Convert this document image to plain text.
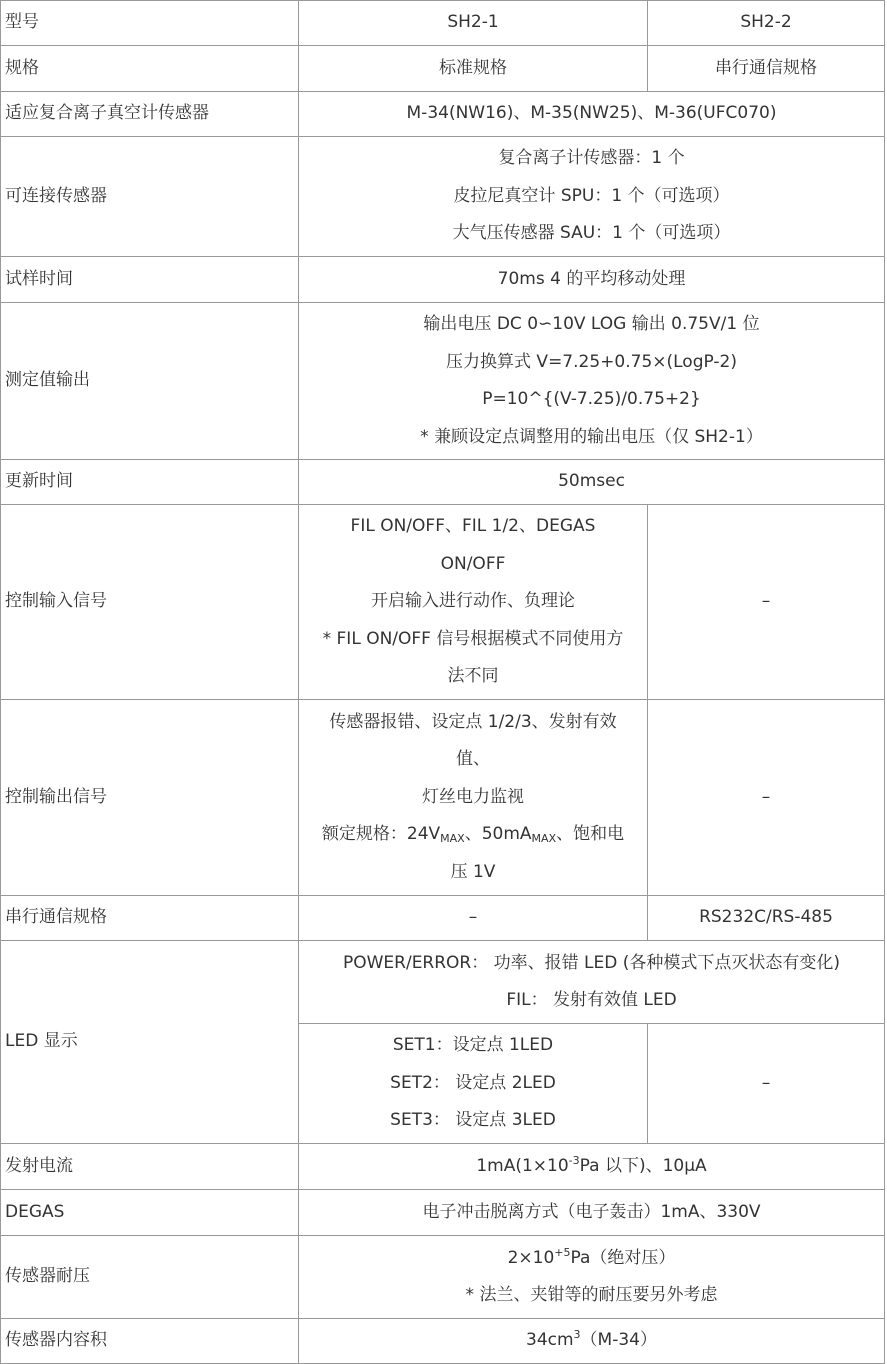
型号	SH2-1	SH2-2
规格	标准规格	串行通信规格
适应复合离子真空计传感器	M-34(NW16)、M-35(NW25)、M-36(UFC070)	
可连接传感器	复合离子计传感器：1 个
皮拉尼真空计 SPU：1 个（可选项）
大气压传感器 SAU：1 个（可选项）	

试样时间	70ms 4 的平均移动处理	
测定值输出	输出电压 DC 0∽10V LOG 输出 0.75V/1 位
压力换算式 V=7.25+0.75×(LogP-2)
P=10^{(V-7.25)/0.75+2}
* 兼顾设定点调整用的输出电压（仅 SH2-1）	

更新时间	50msec	
控制输入信号	FIL ON/OFF、FIL 1/2、DEGAS
ON/OFF
开启输入进行动作、负理论
* FIL ON/OFF 信号根据模式不同使用方
法不同	–
控制输出信号	传感器报错、设定点 1/2/3、发射有效
值、
灯丝电力监视
额定规格：$24V_{MAX}$、$50mA_{MAX}$、饱和电
压 1V	–
串行通信规格	–	RS232C/RS-485
LED 显示	POWER/ERROR： 功率、报错 LED (各种模式下点灭状态有变化)
FIL： 发射有效值 LED	

	SET1：设定点 1LED
SET2： 设定点 2LED
SET3： 设定点 3LED	–
发射电流	$1mA(1\times 10^{-3}Pa$ 以下)、10μA	
DEGAS	电子冲击脱离方式（电子轰击）1mA、330V	
传感器耐压	$2\times 10^{+5}Pa$（绝对压）
* 法兰、夹钳等的耐压要另外考虑	

传感器内容积	$34cm^3(M-34)$	
